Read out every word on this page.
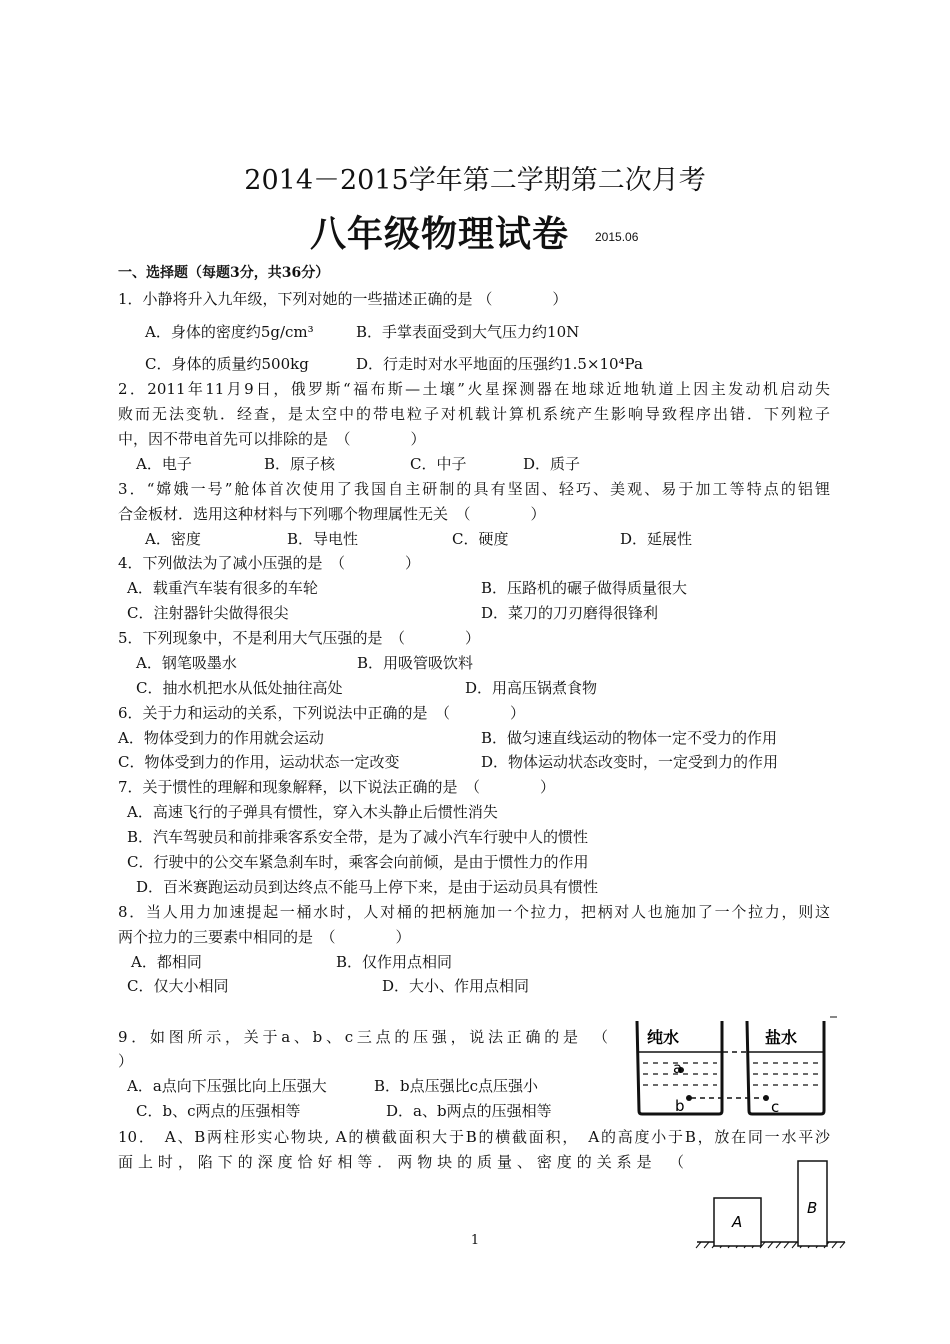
2014－2015学年第二学期第二次月考
八年级物理试卷 2015.06
一、选择题（每题3分，共36分）
1．小静将升入九年级，下列对她的一些描述正确的是 （　　　　）
A．身体的密度约5g/cm³	B．手掌表面受到大气压力约10N
C．身体的质量约500kg	D．行走时对水平地面的压强约1.5×10⁴Pa
2．2011年11月9日，俄罗斯“福布斯—土壤”火星探测器在地球近地轨道上因主发动机启动失
败而无法变轨．经查，是太空中的带电粒子对机载计算机系统产生影响导致程序出错．下列粒子
中，因不带电首先可以排除的是　（　　　　）
A．电子	B．原子核	C．中子	D．质子
3．“嫦娥一号”舱体首次使用了我国自主研制的具有坚固、轻巧、美观、易于加工等特点的铝锂
合金板材．选用这种材料与下列哪个物理属性无关　（　　　　）
A．密度	B．导电性	C．硬度	D．延展性
4．下列做法为了减小压强的是　（　　　　）
A．载重汽车装有很多的车轮	B．压路机的碾子做得质量很大
C．注射器针尖做得很尖	D．菜刀的刀刃磨得很锋利
5．下列现象中，不是利用大气压强的是　（　　　　）
A．钢笔吸墨水	B．用吸管吸饮料
C．抽水机把水从低处抽往高处	D．用高压锅煮食物
6．关于力和运动的关系，下列说法中正确的是　（　　　　）
A．物体受到力的作用就会运动	B．做匀速直线运动的物体一定不受力的作用
C．物体受到力的作用，运动状态一定改变	D．物体运动状态改变时，一定受到力的作用
7．关于惯性的理解和现象解释，以下说法正确的是　（　　　　）
A．高速飞行的子弹具有惯性，穿入木头静止后惯性消失
B．汽车驾驶员和前排乘客系安全带，是为了减小汽车行驶中人的惯性
C．行驶中的公交车紧急刹车时，乘客会向前倾，是由于惯性力的作用
D．百米赛跑运动员到达终点不能马上停下来，是由于运动员具有惯性
8．当人用力加速提起一桶水时，人对桶的把柄施加一个拉力，把柄对人也施加了一个拉力，则这
两个拉力的三要素中相同的是　（　　　　）
A．都相同	B．仅作用点相同
C．仅大小相同	D．大小、作用点相同
9．如图所示，关于a、b、c三点的压强，说法正确的是　（
）
A．a点向下压强比向上压强大	B．b点压强比c点压强小
C．b、c两点的压强相等	D．a、b两点的压强相等
纯水
a
b
盐水
c
10．　A、B两柱形实心物块, A的横截面积大于B的横截面积，　A的高度小于B，放在同一水平沙
面上时，陷下的深度恰好相等．两物块的质量、密度的关系是　（
A
B
1
